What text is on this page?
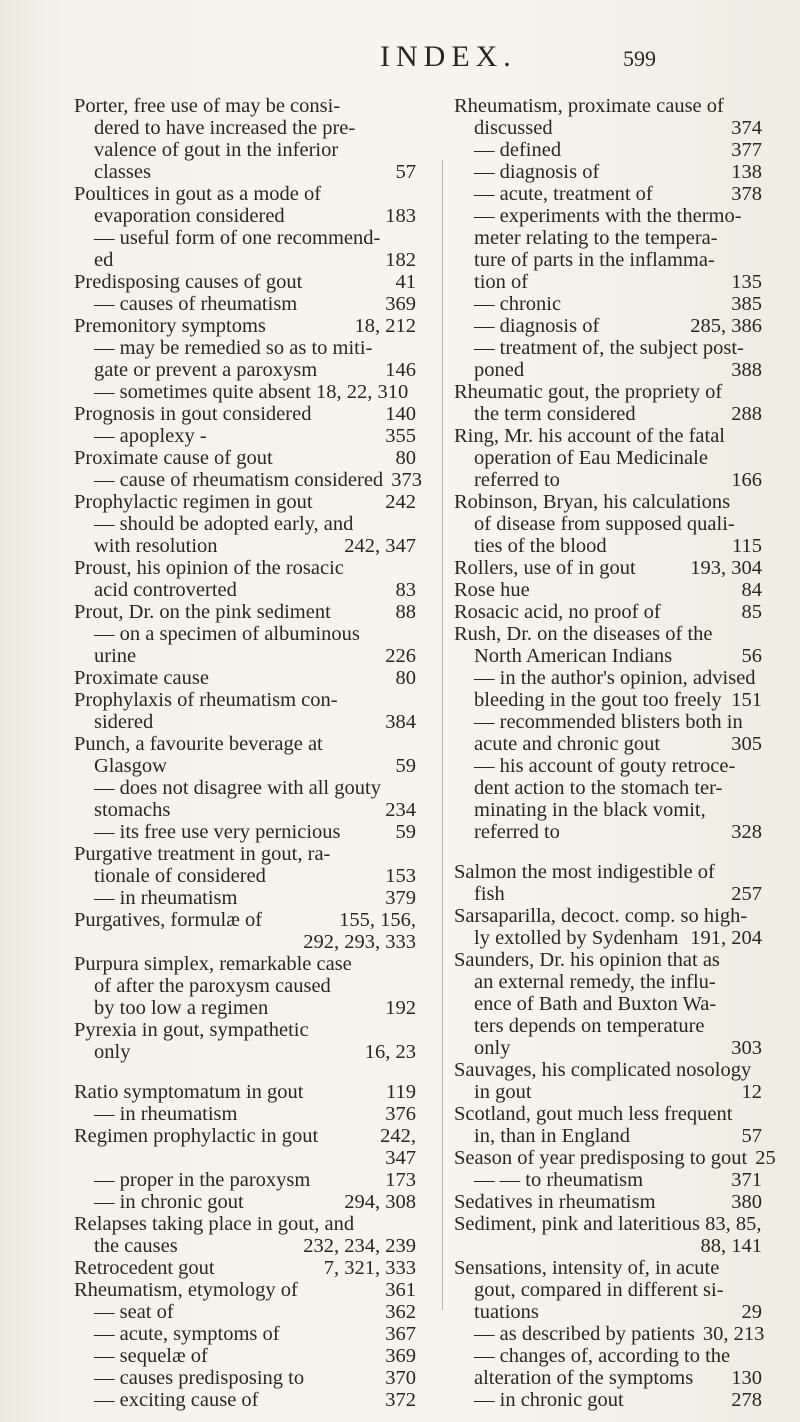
INDEX.	599
Porter, free use of may be consi-
dered to have increased the pre-
valence of gout in the inferior
classes	57
Poultices in gout as a mode of
evaporation considered	183
— useful form of one recommend-
ed	182
Predisposing causes of gout	41
— causes of rheumatism	369
Premonitory symptoms	18, 212
— may be remedied so as to miti-
gate or prevent a paroxysm	146
— sometimes quite absent 18, 22, 310
Prognosis in gout considered	140
— apoplexy -	355
Proximate cause of gout	80
— cause of rheumatism considered 373
Prophylactic regimen in gout	242
— should be adopted early, and
with resolution	242, 347
Proust, his opinion of the rosacic
acid controverted	83
Prout, Dr. on the pink sediment	88
— on a specimen of albuminous
urine	226
Proximate cause	80
Prophylaxis of rheumatism con-
sidered	384
Punch, a favourite beverage at
Glasgow	59
— does not disagree with all gouty
stomachs	234
— its free use very pernicious	59
Purgative treatment in gout, ra-
tionale of considered	153
— in rheumatism	379
Purgatives, formulæ of	155, 156,
292, 293, 333
Purpura simplex, remarkable case
of after the paroxysm caused
by too low a regimen	192
Pyrexia in gout, sympathetic
only	16, 23
Ratio symptomatum in gout	119
— in rheumatism	376
Regimen prophylactic in gout	242,
347
— proper in the paroxysm	173
— in chronic gout	294, 308
Relapses taking place in gout, and
the causes	232, 234, 239
Retrocedent gout	7, 321, 333
Rheumatism, etymology of	361
— seat of	362
— acute, symptoms of	367
— sequelæ of	369
— causes predisposing to	370
— exciting cause of	372
Rheumatism, proximate cause of
discussed	374
— defined	377
— diagnosis of	138
— acute, treatment of	378
— experiments with the thermo-
meter relating to the tempera-
ture of parts in the inflamma-
tion of	135
— chronic	385
— diagnosis of	285, 386
— treatment of, the subject post-
poned	388
Rheumatic gout, the propriety of
the term considered	288
Ring, Mr. his account of the fatal
operation of Eau Medicinale
referred to	166
Robinson, Bryan, his calculations
of disease from supposed quali-
ties of the blood	115
Rollers, use of in gout	193, 304
Rose hue	84
Rosacic acid, no proof of	85
Rush, Dr. on the diseases of the
North American Indians	56
— in the author's opinion, advised
bleeding in the gout too freely 151
— recommended blisters both in
acute and chronic gout	305
— his account of gouty retroce-
dent action to the stomach ter-
minating in the black vomit,
referred to	328
Salmon the most indigestible of
fish	257
Sarsaparilla, decoct. comp. so high-
ly extolled by Sydenham 191, 204
Saunders, Dr. his opinion that as
an external remedy, the influ-
ence of Bath and Buxton Wa-
ters depends on temperature
only	303
Sauvages, his complicated nosology
in gout	12
Scotland, gout much less frequent
in, than in England	57
Season of year predisposing to gout 25
— — to rheumatism	371
Sedatives in rheumatism	380
Sediment, pink and lateritious 83, 85,
88, 141
Sensations, intensity of, in acute
gout, compared in different si-
tuations	29
— as described by patients 30, 213
— changes of, according to the
alteration of the symptoms	130
— in chronic gout	278
